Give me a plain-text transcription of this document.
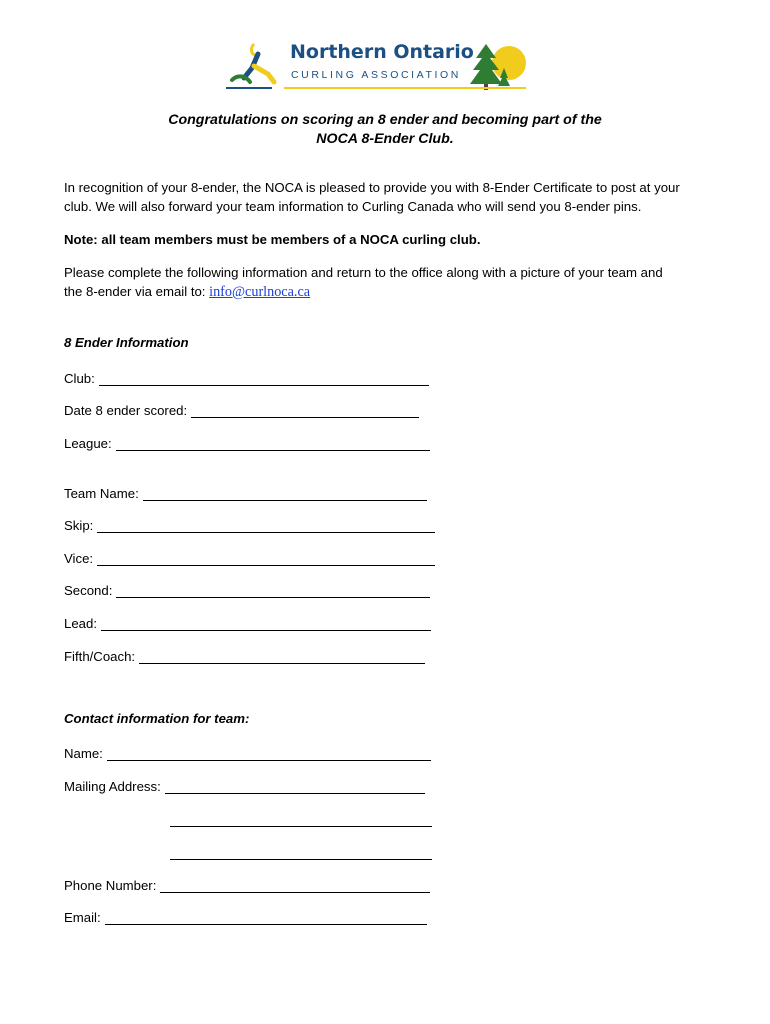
Northern Ontario
CURLING ASSOCIATION
Congratulations on scoring an 8 ender and becoming part of the
NOCA 8-Ender Club.
In recognition of your 8-ender, the NOCA is pleased to provide you with 8-Ender Certificate to post at your
club. We will also forward your team information to Curling Canada who will send you 8-ender pins.
Note: all team members must be members of a NOCA curling club.
Please complete the following information and return to the office along with a picture of your team and
the 8-ender via email to: info@curlnoca.ca
8 Ender Information
Club:
Date 8 ender scored:
League:
Team Name:
Skip:
Vice:
Second:
Lead:
Fifth/Coach:
Contact information for team:
Name:
Mailing Address:
Phone Number:
Email:
